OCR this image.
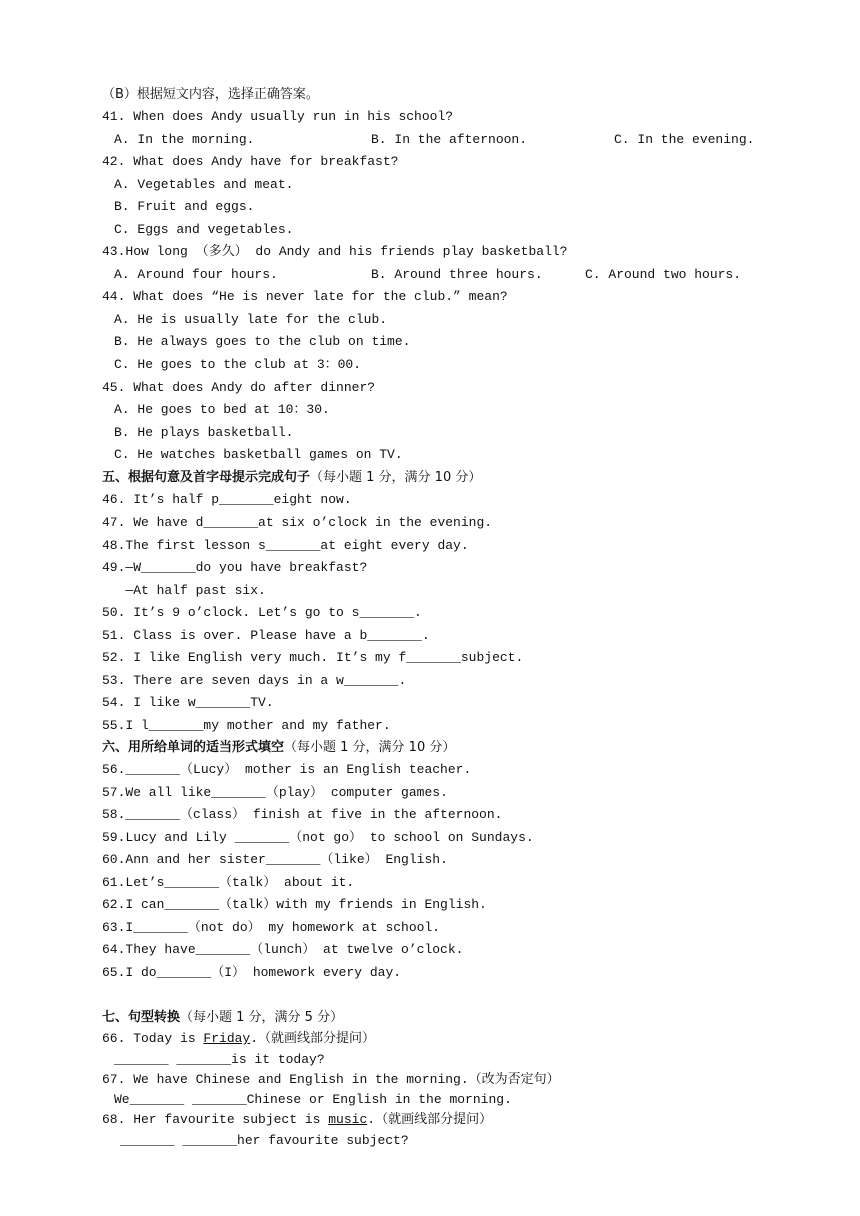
（B）根据短文内容，选择正确答案。
41. When does Andy usually run in his school?
A. In the morning.	B. In the afternoon.	C. In the evening.
42. What does Andy have for breakfast?
A. Vegetables and meat.
B. Fruit and eggs.
C. Eggs and vegetables.
43.How long （多久） do Andy and his friends play basketball?
A. Around four hours.	B. Around three hours.	C. Around two hours.
44. What does “He is never late for the club.” mean?
A. He is usually late for the club.
B. He always goes to the club on time.
C. He goes to the club at 3：00.
45. What does Andy do after dinner?
A. He goes to bed at 10：30.
B. He plays basketball.
C. He watches basketball games on TV.
五、根据句意及首字母提示完成句子（每小题 1 分，满分 10 分）
46. It’s half p_______eight now.
47. We have d_______at six o’clock in the evening.
48.The first lesson s_______at eight every day.
49.—W_______do you have breakfast?
—At half past six.
50. It’s 9 o’clock. Let’s go to s_______.
51. Class is over. Please have a b_______.
52. I like English very much. It’s my f_______subject.
53. There are seven days in a w_______.
54. I like w_______TV.
55.I l_______my mother and my father.
六、用所给单词的适当形式填空（每小题 1 分，满分 10 分）
56._______（Lucy） mother is an English teacher.
57.We all like_______（play） computer games.
58._______（class） finish at five in the afternoon.
59.Lucy and Lily _______（not go） to school on Sundays.
60.Ann and her sister_______（like） English.
61.Let’s_______（talk） about it.
62.I can_______（talk）with my friends in English.
63.I_______（not do） my homework at school.
64.They have_______（lunch） at twelve o’clock.
65.I do_______（I） homework every day.
七、句型转换（每小题 1 分，满分 5 分）
66. Today is Friday.（就画线部分提问）
_______ _______is it today?
67. We have Chinese and English in the morning.（改为否定句）
We_______ _______Chinese or English in the morning.
68. Her favourite subject is music.（就画线部分提问）
_______ _______her favourite subject?
